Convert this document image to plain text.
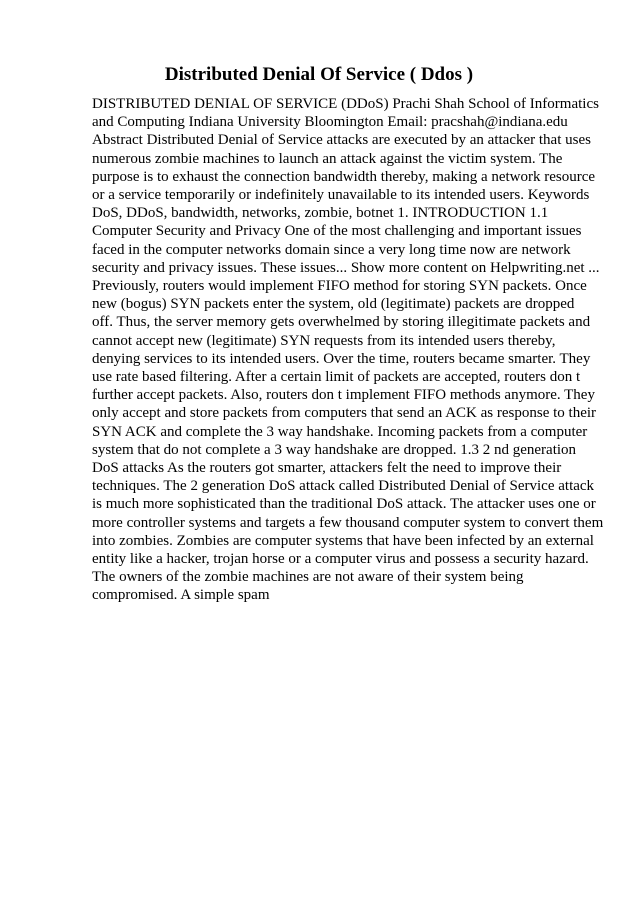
Distributed Denial Of Service ( Ddos )
DISTRIBUTED DENIAL OF SERVICE (DDoS) Prachi Shah School of Informatics
and Computing Indiana University Bloomington Email: pracshah@indiana.edu
Abstract Distributed Denial of Service attacks are executed by an attacker that uses
numerous zombie machines to launch an attack against the victim system. The
purpose is to exhaust the connection bandwidth thereby, making a network resource
or a service temporarily or indefinitely unavailable to its intended users. Keywords
DoS, DDoS, bandwidth, networks, zombie, botnet 1. INTRODUCTION 1.1
Computer Security and Privacy One of the most challenging and important issues
faced in the computer networks domain since a very long time now are network
security and privacy issues. These issues... Show more content on Helpwriting.net ...
Previously, routers would implement FIFO method for storing SYN packets. Once
new (bogus) SYN packets enter the system, old (legitimate) packets are dropped
off. Thus, the server memory gets overwhelmed by storing illegitimate packets and
cannot accept new (legitimate) SYN requests from its intended users thereby,
denying services to its intended users. Over the time, routers became smarter. They
use rate based filtering. After a certain limit of packets are accepted, routers don t
further accept packets. Also, routers don t implement FIFO methods anymore. They
only accept and store packets from computers that send an ACK as response to their
SYN ACK and complete the 3 way handshake. Incoming packets from a computer
system that do not complete a 3 way handshake are dropped. 1.3 2 nd generation
DoS attacks As the routers got smarter, attackers felt the need to improve their
techniques. The 2 generation DoS attack called Distributed Denial of Service attack
is much more sophisticated than the traditional DoS attack. The attacker uses one or
more controller systems and targets a few thousand computer system to convert them
into zombies. Zombies are computer systems that have been infected by an external
entity like a hacker, trojan horse or a computer virus and possess a security hazard.
The owners of the zombie machines are not aware of their system being
compromised. A simple spam
